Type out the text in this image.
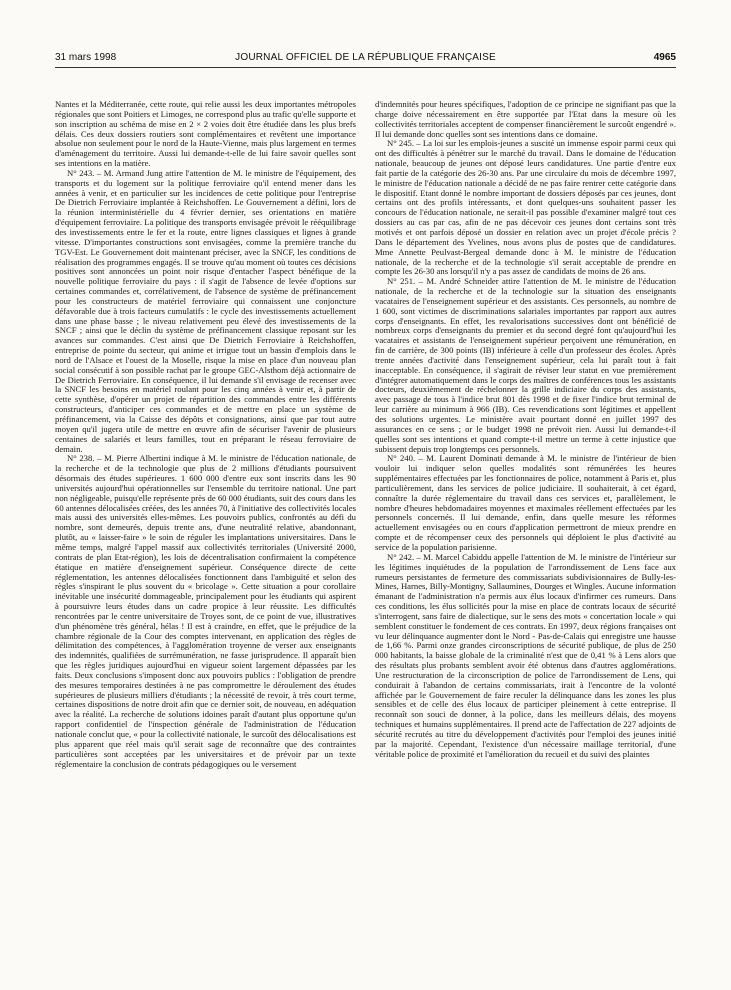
31 mars 1998	JOURNAL OFFICIEL DE LA RÉPUBLIQUE FRANÇAISE	4965

Nantes et la Méditerranée, cette route, qui relie aussi les deux importantes métropoles régionales que sont Poitiers et Limoges, ne correspond plus au trafic qu'elle supporte et son inscription au schéma de mise en 2 × 2 voies doit être étudiée dans les plus brefs délais. Ces deux dossiers routiers sont complémentaires et revêtent une importance absolue non seulement pour le nord de la Haute-Vienne, mais plus largement en termes d'aménagement du territoire. Aussi lui demande-t-elle de lui faire savoir quelles sont ses intentions en la matière.

N° 243. – M. Armand Jung attire l'attention de M. le ministre de l'équipement, des transports et du logement sur la politique ferroviaire qu'il entend mener dans les années à venir, et en particulier sur les incidences de cette politique pour l'entreprise De Dietrich Ferroviaire implantée à Reichshoffen. Le Gouvernement a défini, lors de la réunion interministérielle du 4 février dernier, ses orientations en matière d'équipement ferroviaire. La politique des transports envisagée prévoit le rééquilibrage des investissements entre le fer et la route, entre lignes classiques et lignes à grande vitesse. D'importantes constructions sont envisagées, comme la première tranche du TGV-Est. Le Gouvernement doit maintenant préciser, avec la SNCF, les conditions de réalisation des programmes engagés. Il se trouve qu'au moment où toutes ces décisions positives sont annoncées un point noir risque d'entacher l'aspect bénéfique de la nouvelle politique ferroviaire du pays : il s'agit de l'absence de levée d'options sur certaines commandes et, corrélativement, de l'absence de système de préfinancement pour les constructeurs de matériel ferroviaire qui connaissent une conjoncture défavorable due à trois facteurs cumulatifs : le cycle des investissements actuellement dans une phase basse ; le niveau relativement peu élevé des investissements de la SNCF ; ainsi que le déclin du système de préfinancement classique reposant sur les avances sur commandes. C'est ainsi que De Dietrich Ferroviaire à Reichshoffen, entreprise de pointe du secteur, qui anime et irrigue tout un bassin d'emplois dans le nord de l'Alsace et l'ouest de la Moselle, risque la mise en place d'un nouveau plan social consécutif à son possible rachat par le groupe GEC-Alsthom déjà actionnaire de De Dietrich Ferroviaire. En conséquence, il lui demande s'il envisage de recenser avec la SNCF les besoins en matériel roulant pour les cinq années à venir et, à partir de cette synthèse, d'opérer un projet de répartition des commandes entre les différents constructeurs, d'anticiper ces commandes et de mettre en place un système de préfinancement, via la Caisse des dépôts et consignations, ainsi que par tout autre moyen qu'il jugera utile de mettre en œuvre afin de sécuriser l'avenir de plusieurs centaines de salariés et leurs familles, tout en préparant le réseau ferroviaire de demain.

N° 238. – M. Pierre Albertini indique à M. le ministre de l'éducation nationale, de la recherche et de la technologie que plus de 2 millions d'étudiants poursuivent désormais des études supérieures. 1 600 000 d'entre eux sont inscrits dans les 90 universités aujourd'hui opérationnelles sur l'ensemble du territoire national. Une part non négligeable, puisqu'elle représente près de 60 000 étudiants, suit des cours dans les 60 antennes délocalisées créées, des les années 70, à l'initiative des collectivités locales mais aussi des universités elles-mêmes. Les pouvoirs publics, confrontés au défi du nombre, sont demeurés, depuis trente ans, d'une neutralité relative, abandonnant, plutôt, au « laisser-faire » le soin de réguler les implantations universitaires. Dans le même temps, malgré l'appel massif aux collectivités territoriales (Université 2000, contrats de plan Etat-région), les lois de décentralisation confirmaient la compétence étatique en matière d'enseignement supérieur. Conséquence directe de cette réglementation, les antennes délocalisées fonctionnent dans l'ambiguïté et selon des règles s'inspirant le plus souvent du « bricolage ». Cette situation a pour corollaire inévitable une insécurité dommageable, principalement pour les étudiants qui aspirent à poursuivre leurs études dans un cadre propice à leur réussite. Les difficultés rencontrées par le centre universitaire de Troyes sont, de ce point de vue, illustratives d'un phénomène très général, hélas ! Il est à craindre, en effet, que le préjudice de la chambre régionale de la Cour des comptes intervenant, en application des règles de délimitation des compétences, à l'agglomération troyenne de verser aux enseignants des indemnités, qualifiées de surrémunération, ne fasse jurisprudence. Il apparaît bien que les règles juridiques aujourd'hui en vigueur soient largement dépassées par les faits. Deux conclusions s'imposent donc aux pouvoirs publics : l'obligation de prendre des mesures temporaires destinées à ne pas compromettre le déroulement des études supérieures de plusieurs milliers d'étudiants ; la nécessité de revoir, à très court terme, certaines dispositions de notre droit afin que ce dernier soit, de nouveau, en adéquation avec la réalité. La recherche de solutions idoines paraît d'autant plus opportune qu'un rapport confidentiel de l'inspection générale de l'administration de l'éducation nationale conclut que, « pour la collectivité nationale, le surcoût des délocalisations est plus apparent que réel mais qu'il serait sage de reconnaître que des contraintes particulières sont acceptées par les universitaires et de prévoir par un texte réglementaire la conclusion de contrats pédagogiques ou le versement

d'indemnités pour heures spécifiques, l'adoption de ce principe ne signifiant pas que la charge doive nécessairement en être supportée par l'Etat dans la mesure où les collectivités territoriales acceptent de compenser financièrement le surcoût engendré ». Il lui demande donc quelles sont ses intentions dans ce domaine.

N° 245. – La loi sur les emplois-jeunes a suscité un immense espoir parmi ceux qui ont des difficultés à pénétrer sur le marché du travail. Dans le domaine de l'éducation nationale, beaucoup de jeunes ont déposé leurs candidatures. Une partie d'entre eux fait partie de la catégorie des 26-30 ans. Par une circulaire du mois de décembre 1997, le ministre de l'éducation nationale a décidé de ne pas faire rentrer cette catégorie dans le dispositif. Etant donné le nombre important de dossiers déposés par ces jeunes, dont certains ont des profils intéressants, et dont quelques-uns souhaitent passer les concours de l'éducation nationale, ne serait-il pas possible d'examiner malgré tout ces dossiers au cas par cas, afin de ne pas décevoir ces jeunes dont certains sont très motivés et ont parfois déposé un dossier en relation avec un projet d'école précis ? Dans le département des Yvelines, nous avons plus de postes que de candidatures. Mme Annette Peulvast-Bergeal demande donc à M. le ministre de l'éducation nationale, de la recherche et de la technologie s'il serait acceptable de prendre en compte les 26-30 ans lorsqu'il n'y a pas assez de candidats de moins de 26 ans.

N° 251. – M. André Schneider attire l'attention de M. le ministre de l'éducation nationale, de la recherche et de la technologie sur la situation des enseignants vacataires de l'enseignement supérieur et des assistants. Ces personnels, au nombre de 1 600, sont victimes de discriminations salariales importantes par rapport aux autres corps d'enseignants. En effet, les revalorisations successives dont ont bénéficié de nombreux corps d'enseignants du premier et du second degré font qu'aujourd'hui les vacataires et assistants de l'enseignement supérieur perçoivent une rémunération, en fin de carrière, de 300 points (IB) inférieure à celle d'un professeur des écoles. Après trente années d'activité dans l'enseignement supérieur, cela lui paraît tout à fait inacceptable. En conséquence, il s'agirait de réviser leur statut en vue premièrement d'intégrer automatiquement dans le corps des maîtres de conférences tous les assistants docteurs, deuxièmement de réchelonner la grille indiciaire du corps des assistants, avec passage de tous à l'indice brut 801 dès 1998 et de fixer l'indice brut terminal de leur carrière au minimum à 966 (IB). Ces revendications sont légitimes et appellent des solutions urgentes. Le ministère avait pourtant donné en juillet 1997 des assurances en ce sens ; or le budget 1998 ne prévoit rien. Aussi lui demande-t-il quelles sont ses intentions et quand compte-t-il mettre un terme à cette injustice que subissent depuis trop longtemps ces personnels.

N° 240. – M. Laurent Dominati demande à M. le ministre de l'intérieur de bien vouloir lui indiquer selon quelles modalités sont rémunérées les heures supplémentaires effectuées par les fonctionnaires de police, notamment à Paris et, plus particulièrement, dans les services de police judiciaire. Il souhaiterait, à cet égard, connaître la durée réglementaire du travail dans ces services et, parallèlement, le nombre d'heures hebdomadaires moyennes et maximales réellement effectuées par les personnels concernés. Il lui demande, enfin, dans quelle mesure les réformes actuellement envisagées ou en cours d'application permettront de mieux prendre en compte et de récompenser ceux des personnels qui déploient le plus d'activité au service de la population parisienne.

N° 242. – M. Marcel Cabiddu appelle l'attention de M. le ministre de l'intérieur sur les légitimes inquiétudes de la population de l'arrondissement de Lens face aux rumeurs persistantes de fermeture des commissariats subdivisionnaires de Bully-les-Mines, Harnes, Billy-Montigny, Sallaumines, Dourges et Wingles. Aucune information émanant de l'administration n'a permis aux élus locaux d'infirmer ces rumeurs. Dans ces conditions, les élus sollicités pour la mise en place de contrats locaux de sécurité s'interrogent, sans faire de dialectique, sur le sens des mots « concertation locale » qui semblent constituer le fondement de ces contrats. En 1997, deux régions françaises ont vu leur délinquance augmenter dont le Nord - Pas-de-Calais qui enregistre une hausse de 1,66 %. Parmi onze grandes circonscriptions de sécurité publique, de plus de 250 000 habitants, la baisse globale de la criminalité n'est que de 0,41 % à Lens alors que des résultats plus probants semblent avoir été obtenus dans d'autres agglomérations. Une restructuration de la circonscription de police de l'arrondissement de Lens, qui conduirait à l'abandon de certains commissariats, irait à l'encontre de la volonté affichée par le Gouvernement de faire reculer la délinquance dans les zones les plus sensibles et de celle des élus locaux de participer pleinement à cette entreprise. Il reconnaît son souci de donner, à la police, dans les meilleurs délais, des moyens techniques et humains supplémentaires. Il prend acte de l'affectation de 227 adjoints de sécurité recrutés au titre du développement d'activités pour l'emploi des jeunes initié par la majorité. Cependant, l'existence d'un nécessaire maillage territorial, d'une véritable police de proximité et l'amélioration du recueil et du suivi des plaintes
